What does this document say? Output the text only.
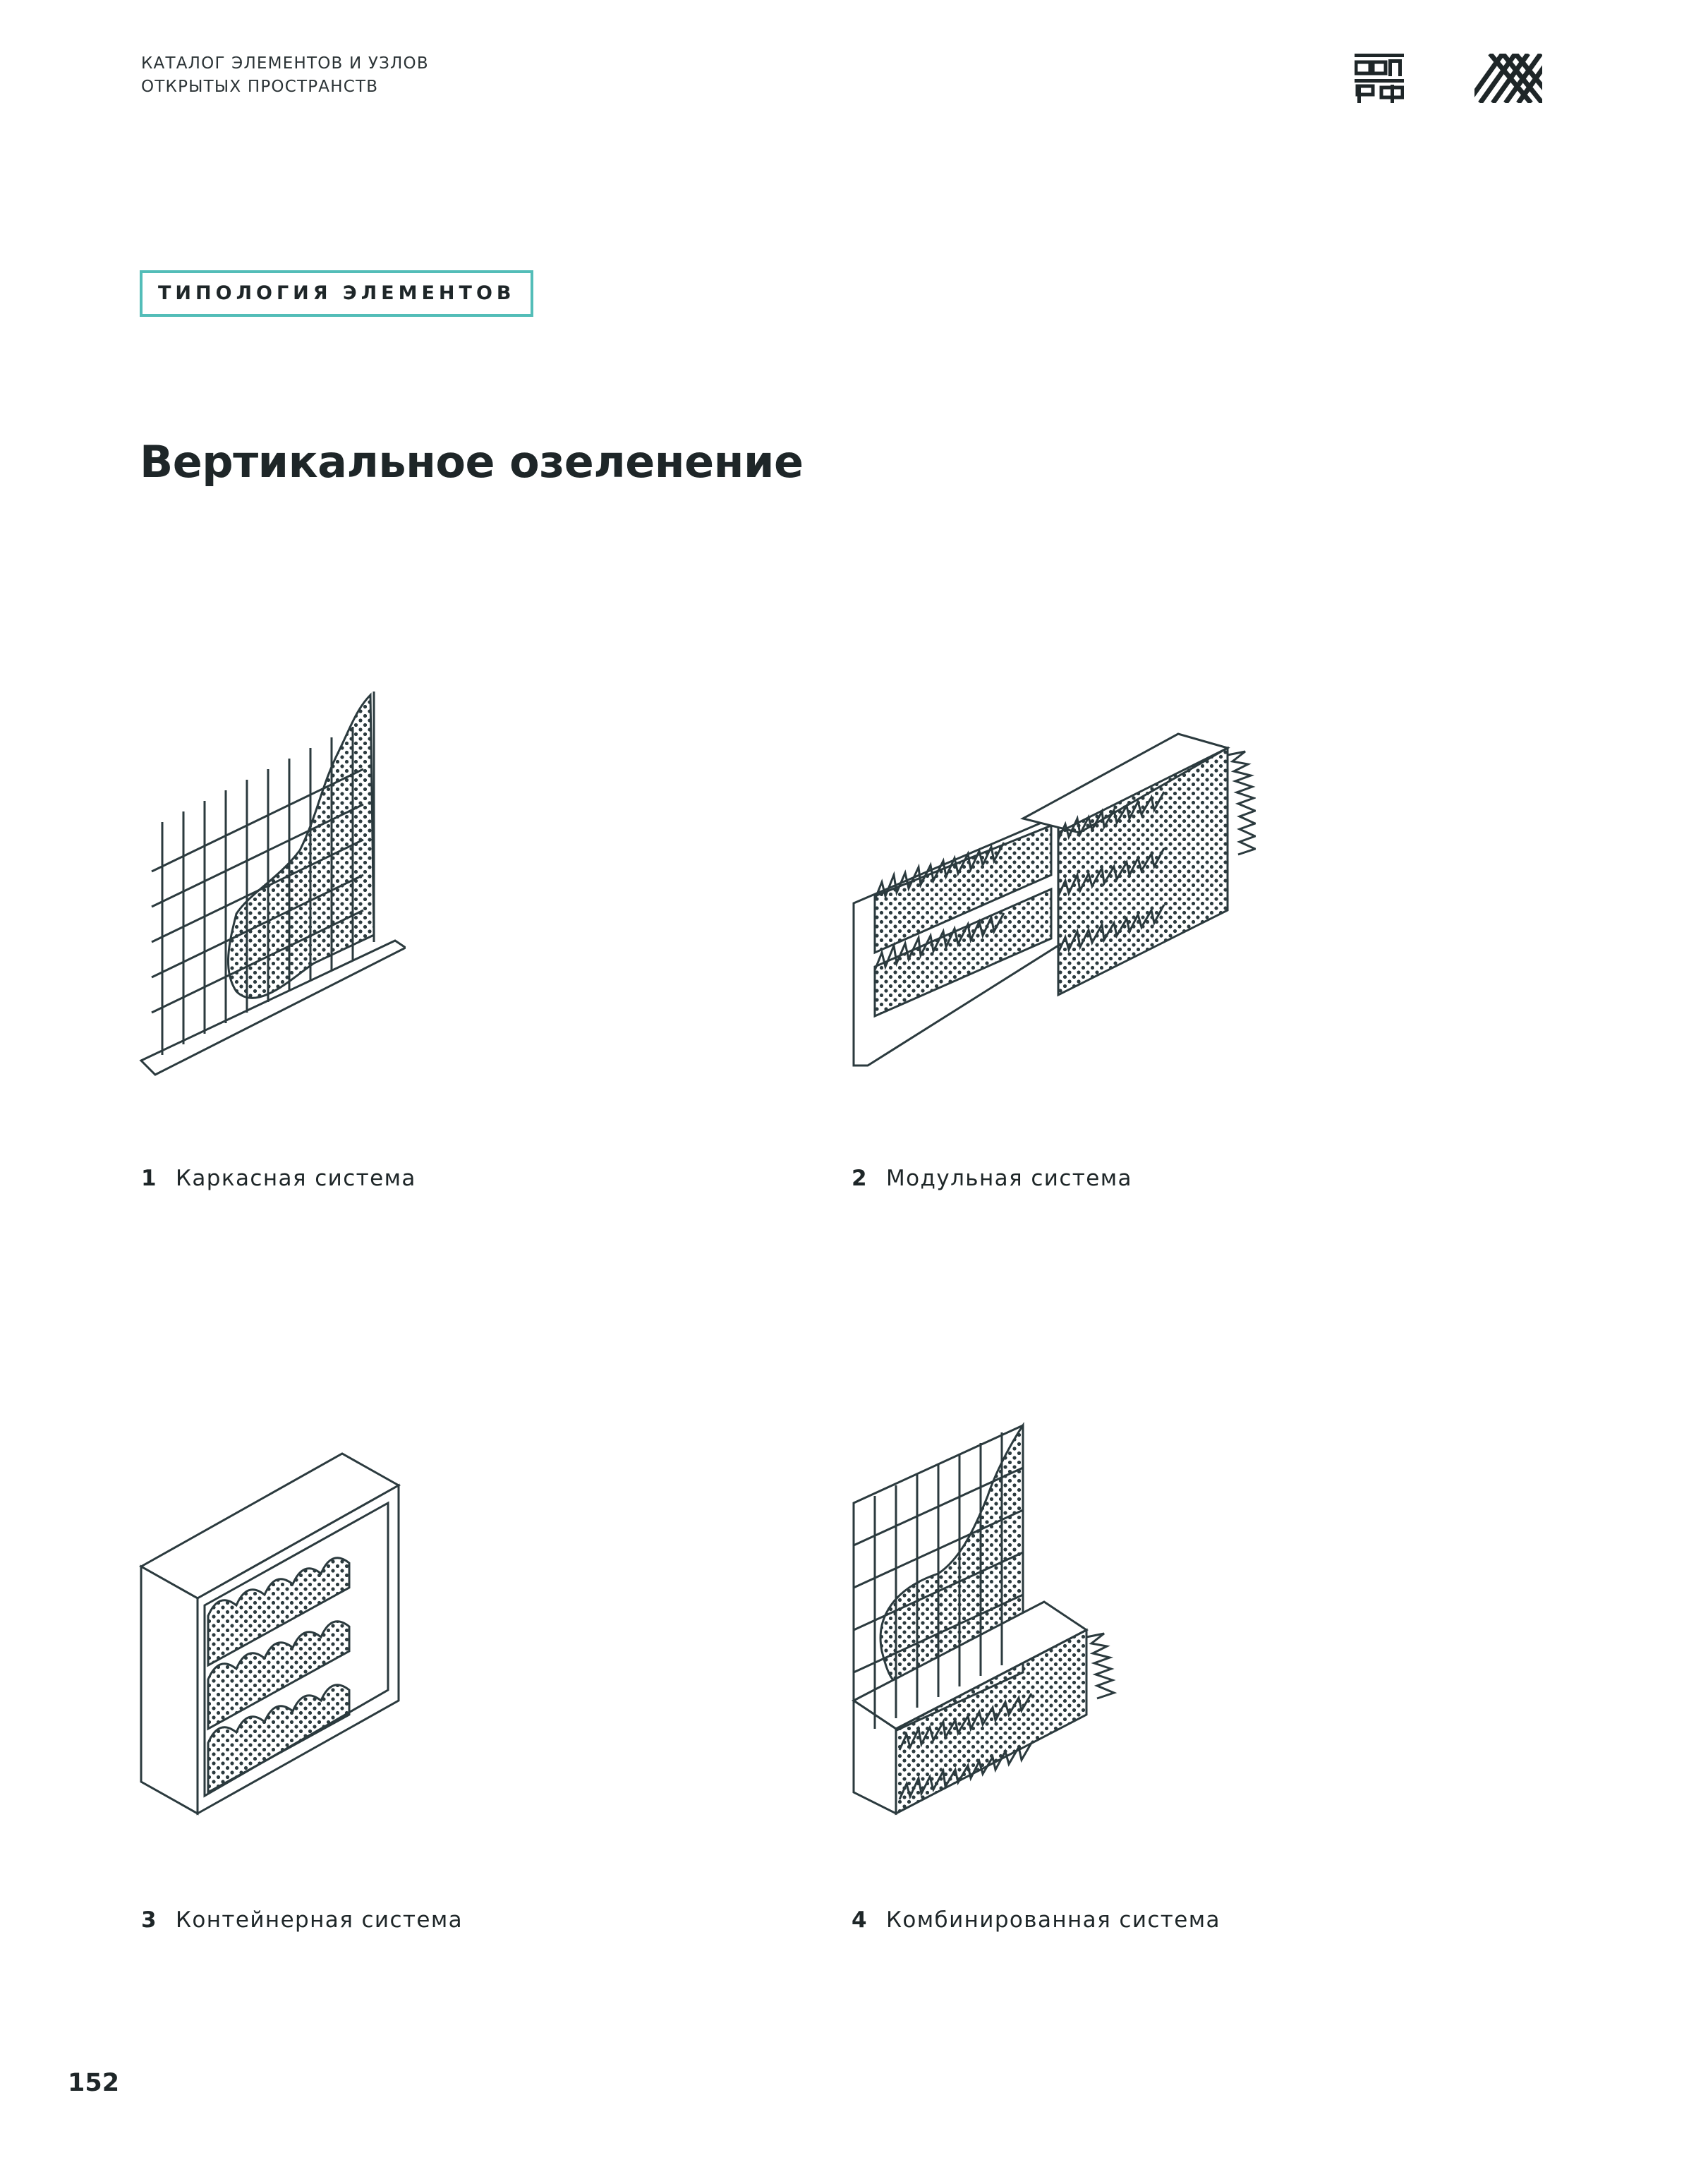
КАТАЛОГ ЭЛЕМЕНТОВ И УЗЛОВ
ОТКРЫТЫХ ПРОСТРАНСТВ
ТИПОЛОГИЯ ЭЛЕМЕНТОВ
Вертикальное озеленение
1 Каркасная система	2 Модульная система
3 Контейнерная система	4 Комбинированная система
152
